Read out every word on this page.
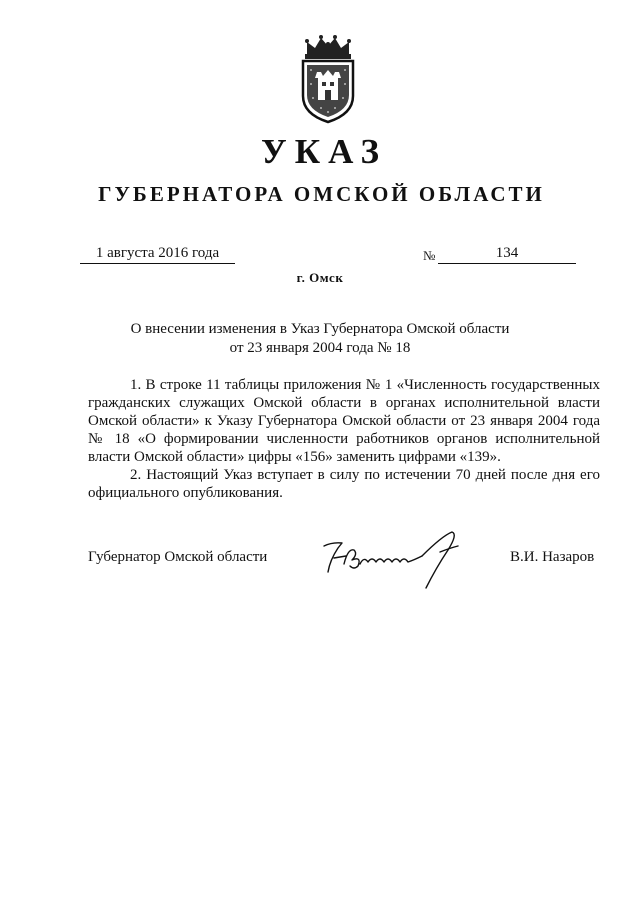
УКАЗ
ГУБЕРНАТОРА ОМСКОЙ ОБЛАСТИ
1 августа 2016 года	№	134
г. Омск
О внесении изменения в Указ Губернатора Омской области
от 23 января 2004 года № 18

1. В строке 11 таблицы приложения № 1 «Численность государственных гражданских служащих Омской области в органах исполнительной власти Омской области» к Указу Губернатора Омской области от 23 января 2004 года № 18 «О формировании численности работников органов исполнительной власти Омской области» цифры «156» заменить цифрами «139».

2. Настоящий Указ вступает в силу по истечении 70 дней после дня его официального опубликования.

Губернатор Омской области	В.И. Назаров
